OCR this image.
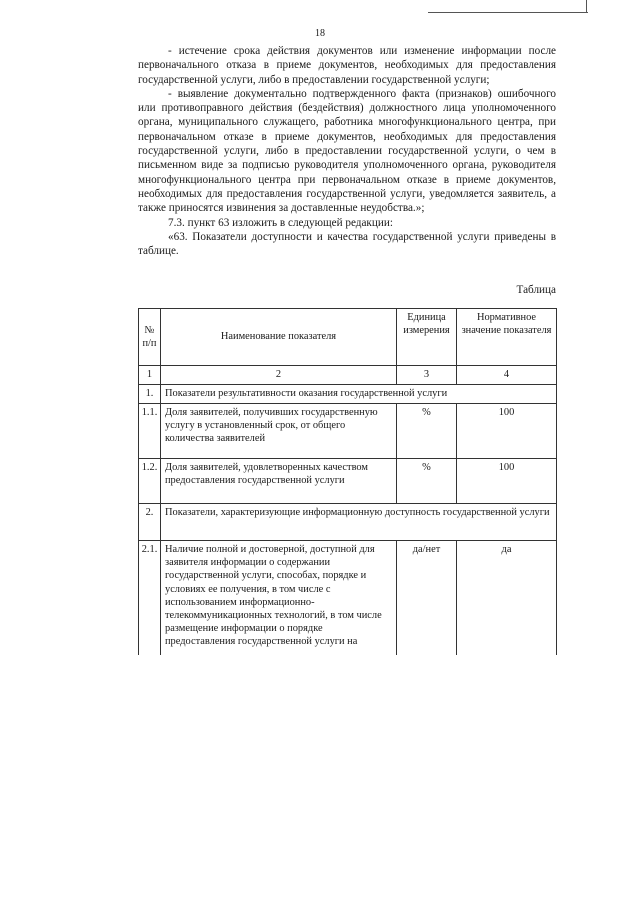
18

- истечение срока действия документов или изменение информации после первоначального отказа в приеме документов, необходимых для предоставления государственной услуги, либо в предоставлении государственной услуги;

- выявление документально подтвержденного факта (признаков) ошибочного или противоправного действия (бездействия) должностного лица уполномоченного органа, муниципального служащего, работника многофункционального центра, при первоначальном отказе в приеме документов, необходимых для предоставления государственной услуги, либо в предоставлении государственной услуги, о чем в письменном виде за подписью руководителя уполномоченного органа, руководителя многофункционального центра при первоначальном отказе в приеме документов, необходимых для предоставления государственной услуги, уведомляется заявитель, а также приносятся извинения за доставленные неудобства.»;

7.3. пункт 63 изложить в следующей редакции:

«63. Показатели доступности и качества государственной услуги приведены в таблице.

Таблица
№ п/п	Наименование показателя	Единица измерения	Нормативное значение показателя
1	2	3	4
1.	Показатели результативности оказания государственной услуги		
1.1.	Доля заявителей, получивших государственную услугу в установленный срок, от общего количества заявителей	%	100
1.2.	Доля заявителей, удовлетворенных качеством предоставления государственной услуги	%	100
2.	Показатели, характеризующие информационную доступность государственной услуги		
2.1.	Наличие полной и достоверной, доступной для заявителя информации о содержании государственной услуги, способах, порядке и условиях ее получения, в том числе с использованием информационно-телекоммуникационных технологий, в том числе размещение информации о порядке предоставления государственной услуги на	да/нет	да
